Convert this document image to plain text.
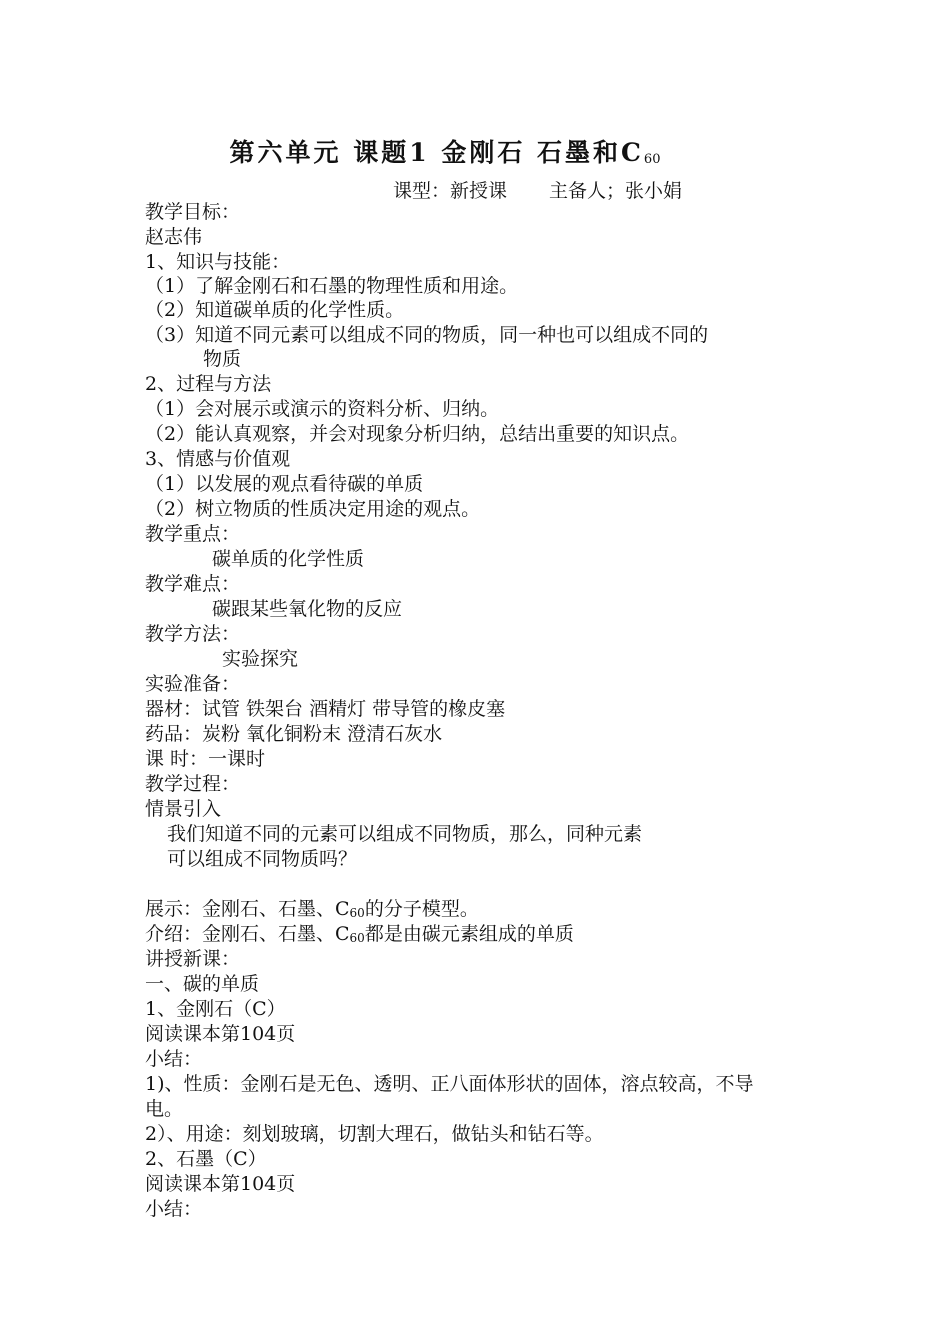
第六单元 课题1 金刚石 石墨和$C_{60}$
课型：新授课 主备人；张小娟
教学目标：
赵志伟
1、知识与技能：
（1）了解金刚石和石墨的物理性质和用途。
（2）知道碳单质的化学性质。
（3）知道不同元素可以组成不同的物质，同一种也可以组成不同的
物质
2、过程与方法
（1）会对展示或演示的资料分析、归纳。
（2）能认真观察，并会对现象分析归纳，总结出重要的知识点。
3、情感与价值观
（1）以发展的观点看待碳的单质
（2）树立物质的性质决定用途的观点。
教学重点：
碳单质的化学性质
教学难点：
碳跟某些氧化物的反应
教学方法：
实验探究
实验准备：
器材：试管 铁架台 酒精灯 带导管的橡皮塞
药品：炭粉 氧化铜粉末 澄清石灰水
课 时：一课时
教学过程：
情景引入
我们知道不同的元素可以组成不同物质，那么，同种元素
可以组成不同物质吗？
展示：金刚石、石墨、$C_{60}$的分子模型。
介绍：金刚石、石墨、$C_{60}$都是由碳元素组成的单质
讲授新课：
一、碳的单质
1、金刚石（C）
阅读课本第104页
小结：
1)、性质：金刚石是无色、透明、正八面体形状的固体，溶点较高，不导
电。
2）、用途：刻划玻璃，切割大理石，做钻头和钻石等。
2、石墨（C）
阅读课本第104页
小结：
